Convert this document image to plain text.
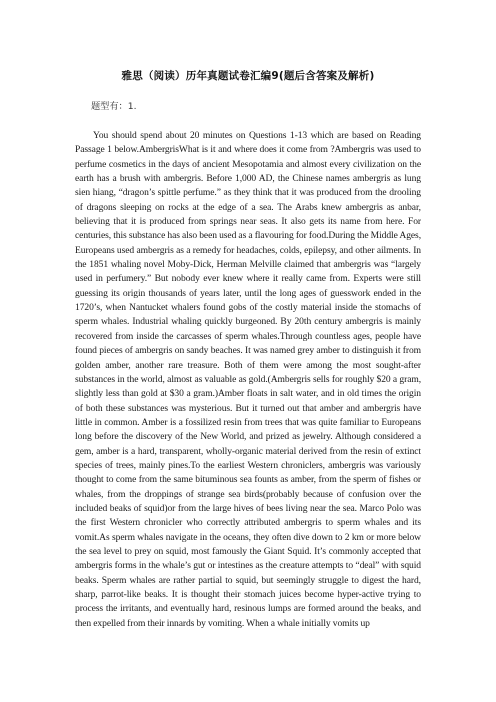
雅思（阅读）历年真题试卷汇编9(题后含答案及解析)
题型有：1.

You should spend about 20 minutes on Questions 1-13 which are based on Reading Passage 1 below.AmbergrisWhat is it and where does it come from ?Ambergris was used to perfume cosmetics in the days of ancient Mesopotamia and almost every civilization on the earth has a brush with ambergris. Before 1,000 AD, the Chinese names ambergris as lung sien hiang, “dragon’s spittle perfume.” as they think that it was produced from the drooling of dragons sleeping on rocks at the edge of a sea. The Arabs knew ambergris as anbar, believing that it is produced from springs near seas. It also gets its name from here. For centuries, this substance has also been used as a flavouring for food.During the Middle Ages, Europeans used ambergris as a remedy for headaches, colds, epilepsy, and other ailments. In the 1851 whaling novel Moby-Dick, Herman Melville claimed that ambergris was “largely used in perfumery.” But nobody ever knew where it really came from. Experts were still guessing its origin thousands of years later, until the long ages of guesswork ended in the 1720’s, when Nantucket whalers found gobs of the costly material inside the stomachs of sperm whales. Industrial whaling quickly burgeoned. By 20th century ambergris is mainly recovered from inside the carcasses of sperm whales.Through countless ages, people have found pieces of ambergris on sandy beaches. It was named grey amber to distinguish it from golden amber, another rare treasure. Both of them were among the most sought-after substances in the world, almost as valuable as gold.(Ambergris sells for roughly $20 a gram, slightly less than gold at $30 a gram.)Amber floats in salt water, and in old times the origin of both these substances was mysterious. But it turned out that amber and ambergris have little in common. Amber is a fossilized resin from trees that was quite familiar to Europeans long before the discovery of the New World, and prized as jewelry. Although considered a gem, amber is a hard, transparent, wholly-organic material derived from the resin of extinct species of trees, mainly pines.To the earliest Western chroniclers, ambergris was variously thought to come from the same bituminous sea founts as amber, from the sperm of fishes or whales, from the droppings of strange sea birds(probably because of confusion over the included beaks of squid)or from the large hives of bees living near the sea. Marco Polo was the first Western chronicler who correctly attributed ambergris to sperm whales and its vomit.As sperm whales navigate in the oceans, they often dive down to 2 km or more below the sea level to prey on squid, most famously the Giant Squid. It’s commonly accepted that ambergris forms in the whale’s gut or intestines as the creature attempts to “deal” with squid beaks. Sperm whales are rather partial to squid, but seemingly struggle to digest the hard, sharp, parrot-like beaks. It is thought their stomach juices become hyper-active trying to process the irritants, and eventually hard, resinous lumps are formed around the beaks, and then expelled from their innards by vomiting. When a whale initially vomits up
